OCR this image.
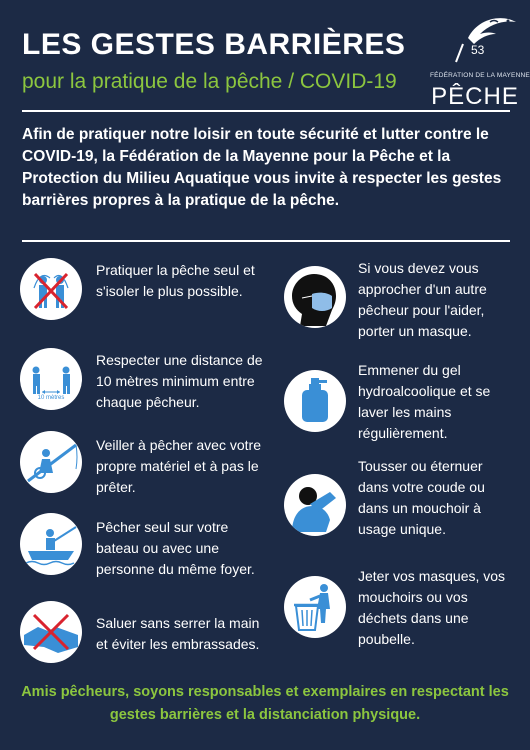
LES GESTES BARRIÈRES
pour la pratique de la pêche / COVID-19
53
FÉDÉRATION DE LA MAYENNE
PÊCHE
Afin de pratiquer notre loisir en toute sécurité et lutter contre le COVID-19, la Fédération de la Mayenne pour la Pêche et la Protection du Milieu Aquatique vous invite à respecter les gestes barrières propres à la pratique de la pêche.
Pratiquer la pêche seul et s'isoler le plus possible.
10 mètres
Respecter une distance de 10 mètres minimum entre chaque pêcheur.
Veiller à pêcher avec votre propre matériel et à pas le prêter.
Pêcher seul sur votre bateau ou avec une personne du même foyer.
Saluer sans serrer la main et éviter les embrassades.
Si vous devez vous approcher d'un autre pêcheur pour l'aider, porter un masque.
Emmener du gel hydroalcoolique et se laver les mains régulièrement.
Tousser ou éternuer dans votre coude ou dans un mouchoir à usage unique.
Jeter vos masques, vos mouchoirs ou vos déchets dans une poubelle.
Amis pêcheurs, soyons responsables et exemplaires en respectant les gestes barrières et la distanciation physique.
